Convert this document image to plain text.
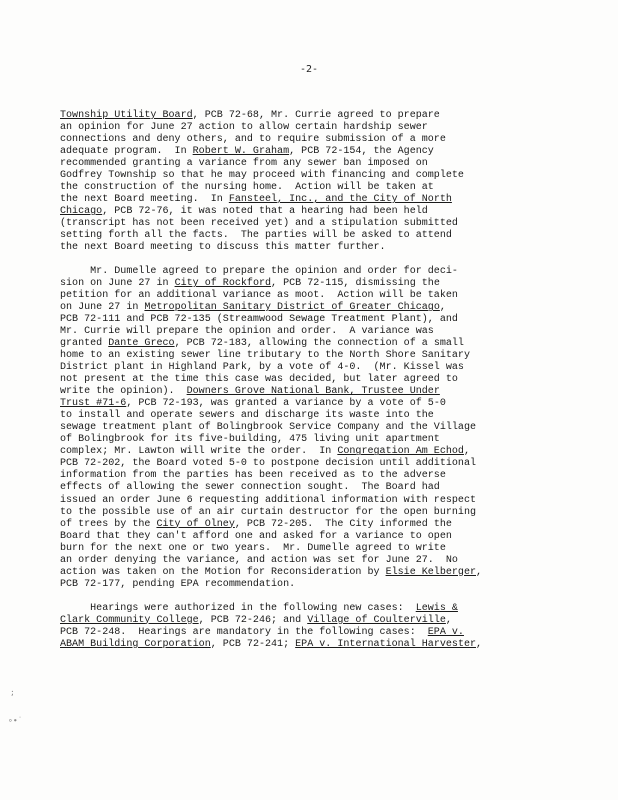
-2-
Township Utility Board, PCB 72-68, Mr. Currie agreed to prepare
an opinion for June 27 action to allow certain hardship sewer
connections and deny others, and to require submission of a more
adequate program.  In Robert W. Graham, PCB 72-154, the Agency
recommended granting a variance from any sewer ban imposed on
Godfrey Township so that he may proceed with financing and complete
the construction of the nursing home.  Action will be taken at
the next Board meeting.  In Fansteel, Inc., and the City of North
Chicago, PCB 72-76, it was noted that a hearing had been held
(transcript has not been received yet) and a stipulation submitted
setting forth all the facts.  The parties will be asked to attend
the next Board meeting to discuss this matter further.
Mr. Dumelle agreed to prepare the opinion and order for deci-
sion on June 27 in City of Rockford, PCB 72-115, dismissing the
petition for an additional variance as moot.  Action will be taken
on June 27 in Metropolitan Sanitary District of Greater Chicago,
PCB 72-111 and PCB 72-135 (Streamwood Sewage Treatment Plant), and
Mr. Currie will prepare the opinion and order.  A variance was
granted Dante Greco, PCB 72-183, allowing the connection of a small
home to an existing sewer line tributary to the North Shore Sanitary
District plant in Highland Park, by a vote of 4-0.  (Mr. Kissel was
not present at the time this case was decided, but later agreed to
write the opinion).  Downers Grove National Bank, Trustee Under
Trust #71-6, PCB 72-193, was granted a variance by a vote of 5-0
to install and operate sewers and discharge its waste into the
sewage treatment plant of Bolingbrook Service Company and the Village
of Bolingbrook for its five-building, 475 living unit apartment
complex; Mr. Lawton will write the order.  In Congregation Am Echod,
PCB 72-202, the Board voted 5-0 to postpone decision until additional
information from the parties has been received as to the adverse
effects of allowing the sewer connection sought.  The Board had
issued an order June 6 requesting additional information with respect
to the possible use of an air curtain destructor for the open burning
of trees by the City of Olney, PCB 72-205.  The City informed the
Board that they can't afford one and asked for a variance to open
burn for the next one or two years.  Mr. Dumelle agreed to write
an order denying the variance, and action was set for June 27.  No
action was taken on the Motion for Reconsideration by Elsie Kelberger,
PCB 72-177, pending EPA recommendation.
Hearings were authorized in the following new cases:  Lewis &
Clark Community College, PCB 72-246; and Village of Coulterville,
PCB 72-248.  Hearings are mandatory in the following cases:  EPA v.
ABAM Building Corporation, PCB 72-241; EPA v. International Harvester,
;
∘∙˙
